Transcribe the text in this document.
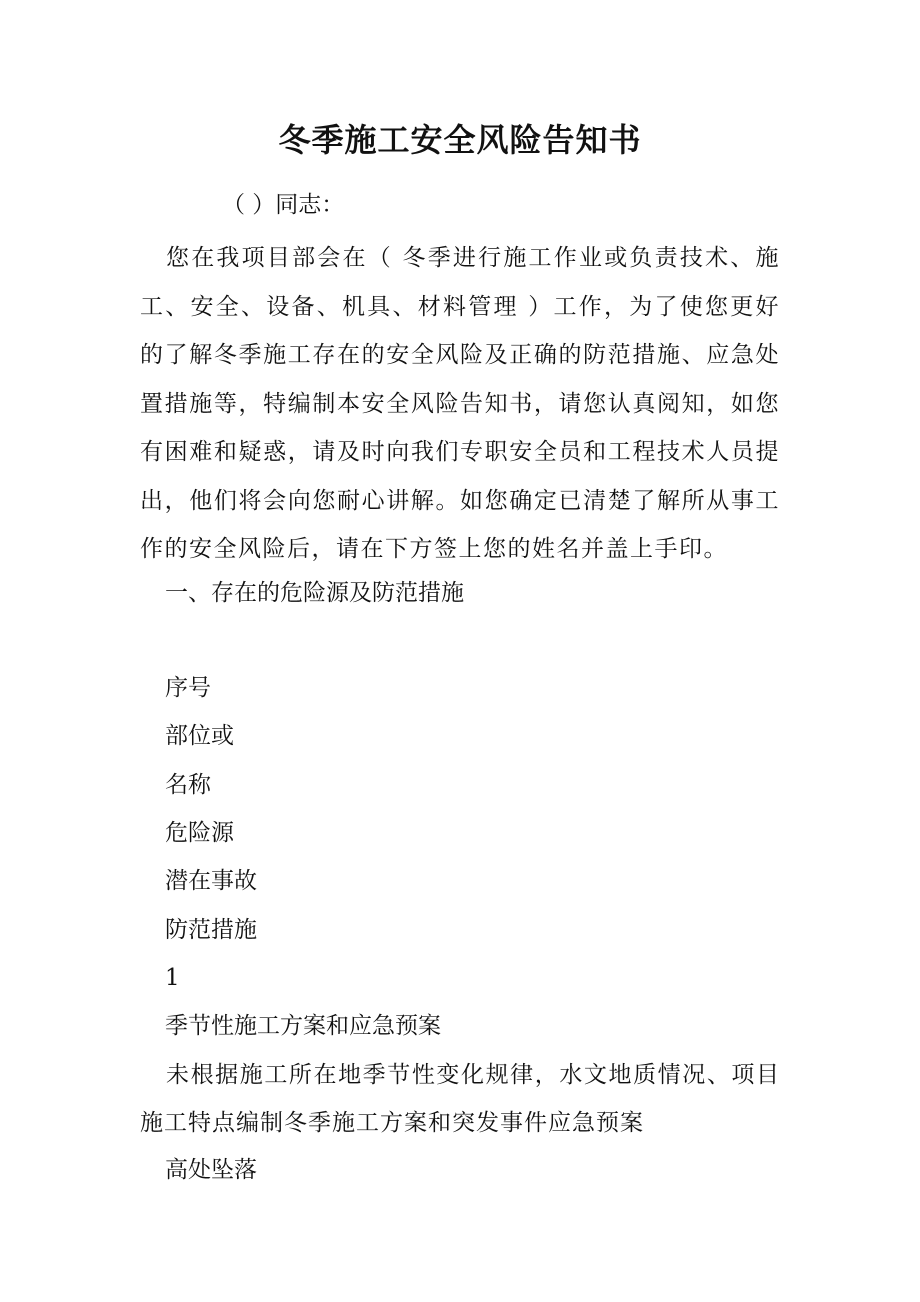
冬季施工安全风险告知书
（ ）同志：
您在我项目部会在（ 冬季进行施工作业或负责技术、施工、安全、设备、机具、材料管理 ）工作，为了使您更好的了解冬季施工存在的安全风险及正确的防范措施、应急处置措施等，特编制本安全风险告知书，请您认真阅知，如您有困难和疑惑，请及时向我们专职安全员和工程技术人员提出，他们将会向您耐心讲解。如您确定已清楚了解所从事工作的安全风险后，请在下方签上您的姓名并盖上手印。
一、存在的危险源及防范措施
序号
部位或
名称
危险源
潜在事故
防范措施
1
季节性施工方案和应急预案
未根据施工所在地季节性变化规律，水文地质情况、项目施工特点编制冬季施工方案和突发事件应急预案
高处坠落
